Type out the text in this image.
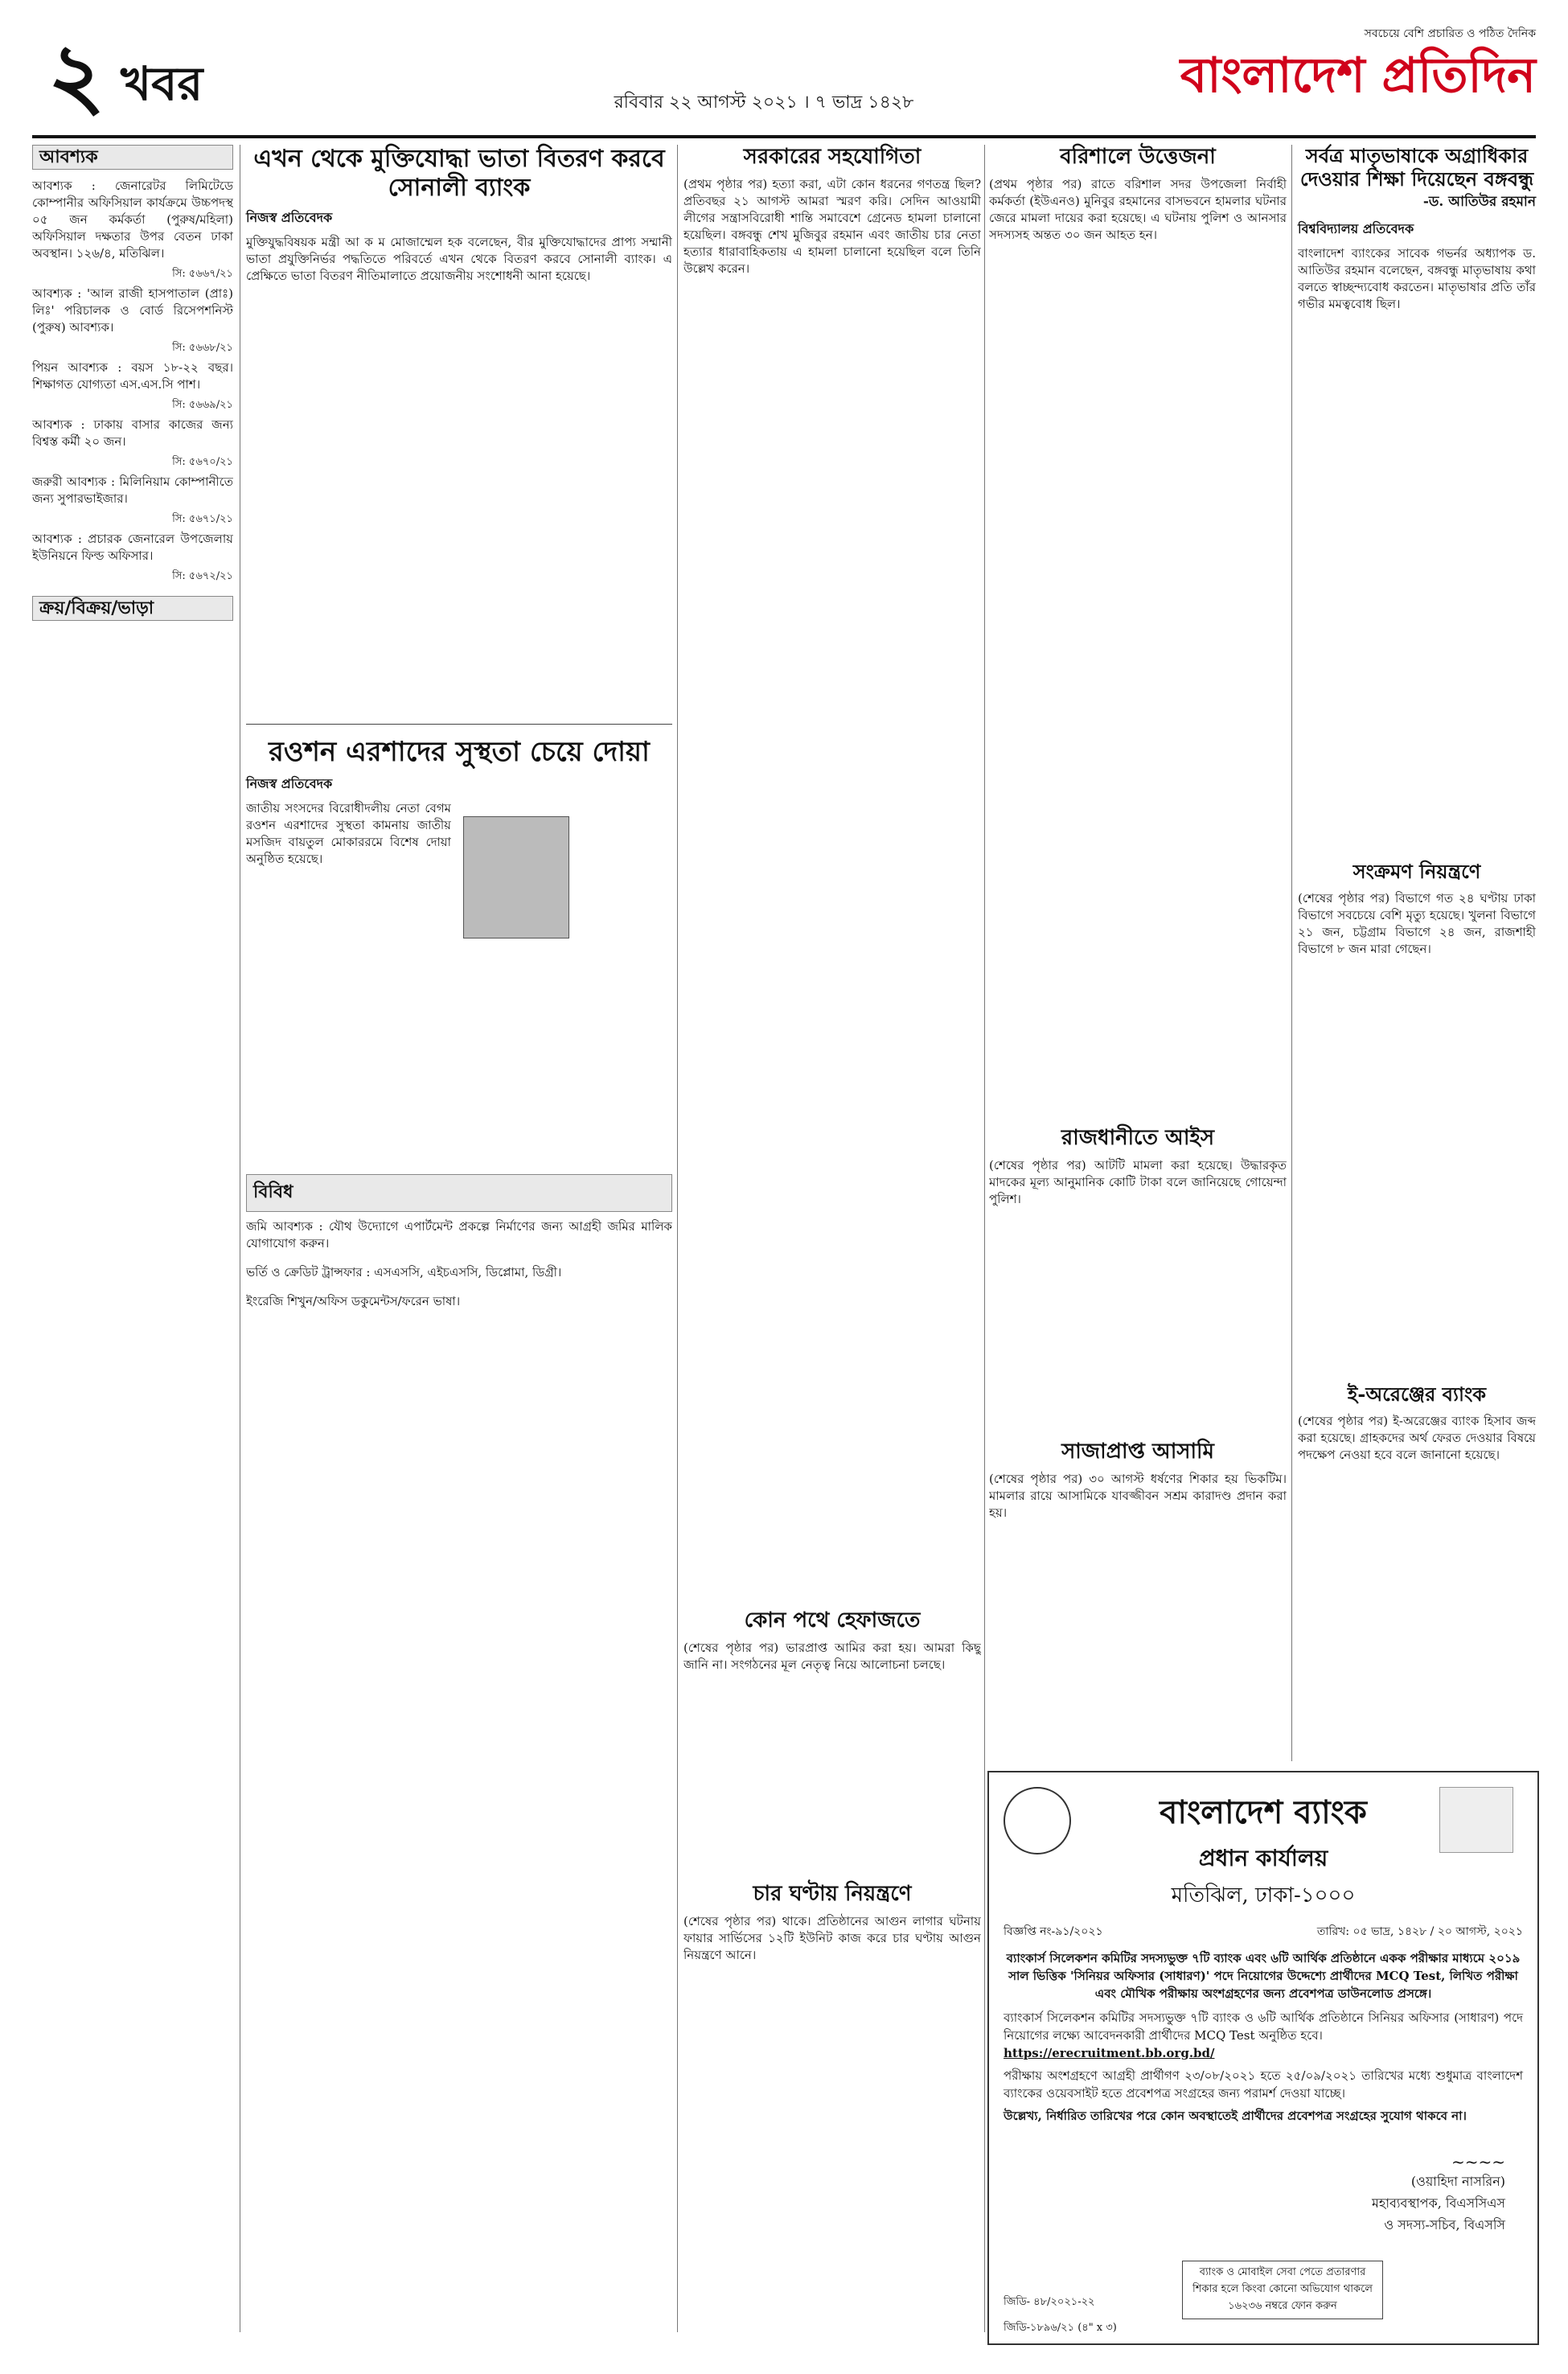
২ খবর	রবিবার ২২ আগস্ট ২০২১ । ৭ ভাদ্র ১৪২৮
সবচেয়ে বেশি প্রচারিত ও পঠিত দৈনিক
বাংলাদেশ প্রতিদিন
আবশ্যক

আবশ্যক : জেনারেটর লিমিটেডে কোম্পানীর অফিসিয়াল কার্যক্রমে উচ্চপদস্থ ০৫ জন কর্মকর্তা (পুরুষ/মহিলা) অফিসিয়াল দক্ষতার উপর বেতন ঢাকা অবস্থান। ১২৬/৪, মতিঝিল।

সি: ৫৬৬৭/২১

আবশ্যক : 'আল রাজী হাসপাতাল (প্রাঃ) লিঃ' পরিচালক ও বোর্ড রিসেপশনিস্ট (পুরুষ) আবশ্যক।

সি: ৫৬৬৮/২১

পিয়ন আবশ্যক : বয়স ১৮-২২ বছর। শিক্ষাগত যোগ্যতা এস.এস.সি পাশ।

সি: ৫৬৬৯/২১

আবশ্যক : ঢাকায় বাসার কাজের জন্য বিশ্বস্ত কর্মী ২০ জন।

সি: ৫৬৭০/২১

জরুরী আবশ্যক : মিলিনিয়াম কোম্পানীতে জন্য সুপারভাইজার।

সি: ৫৬৭১/২১

আবশ্যক : প্রচারক জেনারেল উপজেলায় ইউনিয়নে ফিল্ড অফিসার।

সি: ৫৬৭২/২১

ক্রয়/বিক্রয়/ভাড়া
এখন থেকে মুক্তিযোদ্ধা ভাতা বিতরণ করবে সোনালী ব্যাংক
নিজস্ব প্রতিবেদক
মুক্তিযুদ্ধবিষয়ক মন্ত্রী আ ক ম মোজাম্মেল হক বলেছেন, বীর মুক্তিযোদ্ধাদের প্রাপ্য সম্মানী ভাতা প্রযুক্তিনির্ভর পদ্ধতিতে পরিবর্তে এখন থেকে বিতরণ করবে সোনালী ব্যাংক। এ প্রেক্ষিতে ভাতা বিতরণ নীতিমালাতে প্রয়োজনীয় সংশোধনী আনা হয়েছে।
রওশন এরশাদের সুস্থতা চেয়ে দোয়া
নিজস্ব প্রতিবেদক
জাতীয় সংসদের বিরোধীদলীয় নেতা বেগম রওশন এরশাদের সুস্থতা কামনায় জাতীয় মসজিদ বায়তুল মোকাররমে বিশেষ দোয়া অনুষ্ঠিত হয়েছে।
বিবিধ

জমি আবশ্যক : যৌথ উদ্যোগে এপার্টমেন্ট প্রকল্পে নির্মাণের জন্য আগ্রহী জমির মালিক যোগাযোগ করুন।

ভর্তি ও ক্রেডিট ট্রান্সফার : এসএসসি, এইচএসসি, ডিপ্লোমা, ডিগ্রী।

ইংরেজি শিখুন/অফিস ডকুমেন্টস/ফরেন ভাষা।

সরকারের সহযোগিতা
(প্রথম পৃষ্ঠার পর) হত্যা করা, এটা কোন ধরনের গণতন্ত্র ছিল? প্রতিবছর ২১ আগস্ট আমরা স্মরণ করি। সেদিন আওয়ামী লীগের সন্ত্রাসবিরোধী শান্তি সমাবেশে গ্রেনেড হামলা চালানো হয়েছিল। বঙ্গবন্ধু শেখ মুজিবুর রহমান এবং জাতীয় চার নেতা হত্যার ধারাবাহিকতায় এ হামলা চালানো হয়েছিল বলে তিনি উল্লেখ করেন।
কোন পথে হেফাজতে
(শেষের পৃষ্ঠার পর) ভারপ্রাপ্ত আমির করা হয়। আমরা কিছু জানি না। সংগঠনের মূল নেতৃত্ব নিয়ে আলোচনা চলছে।
চার ঘণ্টায় নিয়ন্ত্রণে
(শেষের পৃষ্ঠার পর) থাকে। প্রতিষ্ঠানের আগুন লাগার ঘটনায় ফায়ার সার্ভিসের ১২টি ইউনিট কাজ করে চার ঘণ্টায় আগুন নিয়ন্ত্রণে আনে।
বরিশালে উত্তেজনা
(প্রথম পৃষ্ঠার পর) রাতে বরিশাল সদর উপজেলা নির্বাহী কর্মকর্তা (ইউএনও) মুনিবুর রহমানের বাসভবনে হামলার ঘটনার জেরে মামলা দায়ের করা হয়েছে। এ ঘটনায় পুলিশ ও আনসার সদস্যসহ অন্তত ৩০ জন আহত হন।
রাজধানীতে আইস
(শেষের পৃষ্ঠার পর) আটটি মামলা করা হয়েছে। উদ্ধারকৃত মাদকের মূল্য আনুমানিক কোটি টাকা বলে জানিয়েছে গোয়েন্দা পুলিশ।
সাজাপ্রাপ্ত আসামি
(শেষের পৃষ্ঠার পর) ৩০ আগস্ট ধর্ষণের শিকার হয় ভিকটিম। মামলার রায়ে আসামিকে যাবজ্জীবন সশ্রম কারাদণ্ড প্রদান করা হয়।
সর্বত্র মাতৃভাষাকে অগ্রাধিকার দেওয়ার শিক্ষা দিয়েছেন বঙ্গবন্ধু
-ড. আতিউর রহমান
বিশ্ববিদ্যালয় প্রতিবেদক
বাংলাদেশ ব্যাংকের সাবেক গভর্নর অধ্যাপক ড. আতিউর রহমান বলেছেন, বঙ্গবন্ধু মাতৃভাষায় কথা বলতে স্বাচ্ছন্দ্যবোধ করতেন। মাতৃভাষার প্রতি তাঁর গভীর মমত্ববোধ ছিল।
সংক্রমণ নিয়ন্ত্রণে
(শেষের পৃষ্ঠার পর) বিভাগে গত ২৪ ঘণ্টায় ঢাকা বিভাগে সবচেয়ে বেশি মৃত্যু হয়েছে। খুলনা বিভাগে ২১ জন, চট্টগ্রাম বিভাগে ২৪ জন, রাজশাহী বিভাগে ৮ জন মারা গেছেন।
ই-অরেঞ্জের ব্যাংক
(শেষের পৃষ্ঠার পর) ই-অরেঞ্জের ব্যাংক হিসাব জব্দ করা হয়েছে। গ্রাহকদের অর্থ ফেরত দেওয়ার বিষয়ে পদক্ষেপ নেওয়া হবে বলে জানানো হয়েছে।
বাংলাদেশ ব্যাংক
প্রধান কার্যালয়
মতিঝিল, ঢাকা-১০০০
বিজ্ঞপ্তি নং-৯১/২০২১	তারিখ: ০৫ ভাদ্র, ১৪২৮ / ২০ আগস্ট, ২০২১
ব্যাংকার্স সিলেকশন কমিটির সদস্যভুক্ত ৭টি ব্যাংক এবং ৬টি আর্থিক প্রতিষ্ঠানে একক পরীক্ষার মাধ্যমে ২০১৯ সাল ভিত্তিক 'সিনিয়র অফিসার (সাধারণ)' পদে নিয়োগের উদ্দেশ্যে প্রার্থীদের MCQ Test, লিখিত পরীক্ষা এবং মৌখিক পরীক্ষায় অংশগ্রহণের জন্য প্রবেশপত্র ডাউনলোড প্রসঙ্গে।
ব্যাংকার্স সিলেকশন কমিটির সদস্যভুক্ত ৭টি ব্যাংক ও ৬টি আর্থিক প্রতিষ্ঠানে সিনিয়র অফিসার (সাধারণ) পদে নিয়োগের লক্ষ্যে আবেদনকারী প্রার্থীদের MCQ Test অনুষ্ঠিত হবে।
https://erecruitment.bb.org.bd/
পরীক্ষায় অংশগ্রহণে আগ্রহী প্রার্থীগণ ২৩/০৮/২০২১ হতে ২৫/০৯/২০২১ তারিখের মধ্যে শুধুমাত্র বাংলাদেশ ব্যাংকের ওয়েবসাইট হতে প্রবেশপত্র সংগ্রহের জন্য পরামর্শ দেওয়া যাচ্ছে।
উল্লেখ্য, নির্ধারিত তারিখের পরে কোন অবস্থাতেই প্রার্থীদের প্রবেশপত্র সংগ্রহের সুযোগ থাকবে না।
~~~~
(ওয়াহিদা নাসরিন)
মহাব্যবস্থাপক, বিএসসিএস
ও সদস্য-সচিব, বিএসসি
জিডি- ৪৮/২০২১-২২
ব্যাংক ও মোবাইল সেবা পেতে প্রতারণার শিকার হলে কিংবা কোনো অভিযোগ থাকলে ১৬২৩৬ নম্বরে ফোন করুন
জিডি-১৮৯৬/২১ (৪" x ৩)
